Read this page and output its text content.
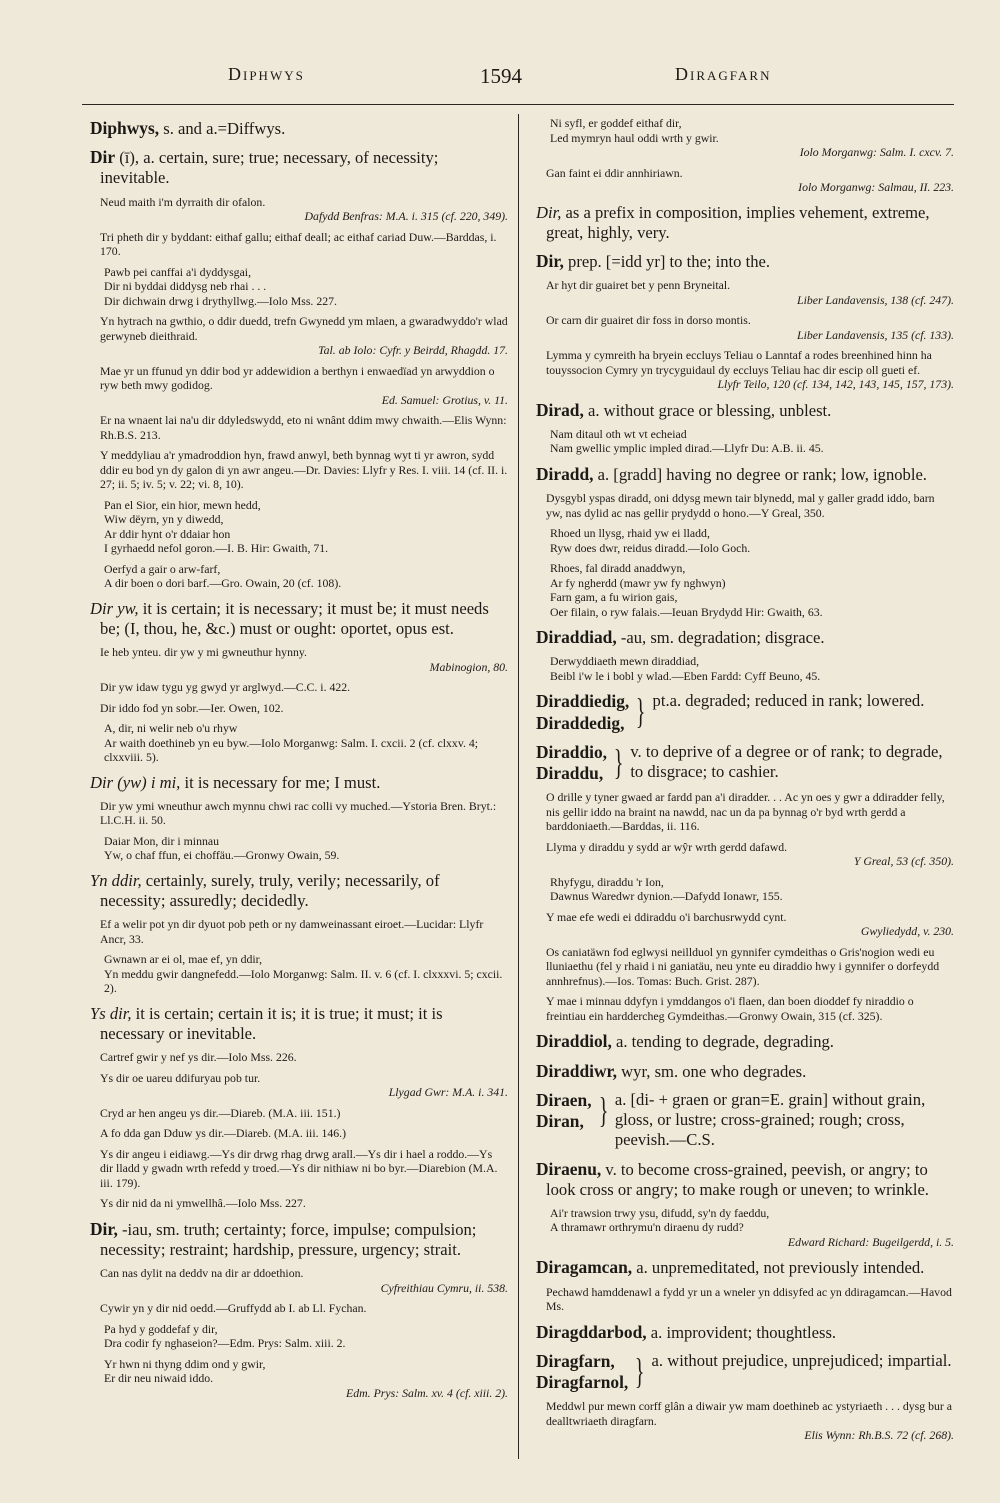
Diphwys	1594	Diragfarn

Diphwys, s. and a.=Diffwys.

Dir (ī), a. certain, sure; true; necessary, of necessity; inevitable.

Neud maith i'm dyrraith dir ofalon.
Dafydd Benfras: M.A. i. 315 (cf. 220, 349).
Tri pheth dir y byddant: eithaf gallu; eithaf deall; ac eithaf cariad Duw.—Barddas, i. 170.
Pawb pei canffai a'i dyddysgai,
Dir ni byddai diddysg neb rhai . . .
Dir dichwain drwg i drythyllwg.—Iolo Mss. 227.
Yn hytrach na gwthio, o ddir duedd, trefn Gwynedd ym mlaen, a gwaradwyddo'r wlad gerwyneb dieithraid.
Tal. ab Iolo: Cyfr. y Beirdd, Rhagdd. 17.
Mae yr un ffunud yn ddir bod yr addewidion a berthyn i enwaedïad yn arwyddion o ryw beth mwy godidog.
Ed. Samuel: Grotius, v. 11.
Er na wnaent lai na'u dir ddyledswydd, eto ni wnânt ddim mwy chwaith.—Elis Wynn: Rh.B.S. 213.
Y meddyliau a'r ymadroddion hyn, frawd anwyl, beth bynnag wyt ti yr awron, sydd ddir eu bod yn dy galon di yn awr angeu.—Dr. Davies: Llyfr y Res. I. viii. 14 (cf. II. i. 27; ii. 5; iv. 5; v. 22; vi. 8, 10).
Pan el Sior, ein hior, mewn hedd,
Wiw dëyrn, yn y diwedd,
Ar ddir hynt o'r ddaiar hon
I gyrhaedd nefol goron.—I. B. Hir: Gwaith, 71.
Oerfyd a gair o arw-farf,
A dir boen o dori barf.—Gro. Owain, 20 (cf. 108).

Dir yw, it is certain; it is necessary; it must be; it must needs be; (I, thou, he, &c.) must or ought: oportet, opus est.

Ie heb ynteu. dir yw y mi gwneuthur hynny.
Mabinogion, 80.
Dir yw idaw tygu yg gwyd yr arglwyd.—C.C. i. 422.
Dir iddo fod yn sobr.—Ier. Owen, 102.
A, dir, ni welir neb o'u rhyw
Ar waith doethineb yn eu byw.—Iolo Morganwg: Salm. I. cxcii. 2 (cf. clxxv. 4; clxxviii. 5).

Dir (yw) i mi, it is necessary for me; I must.

Dir yw ymi wneuthur awch mynnu chwi rac colli vy muched.—Ystoria Bren. Bryt.: Ll.C.H. ii. 50.
Daiar Mon, dir i minnau
Yw, o chaf ffun, ei choffäu.—Gronwy Owain, 59.

Yn ddir, certainly, surely, truly, verily; necessarily, of necessity; assuredly; decidedly.

Ef a welir pot yn dir dyuot pob peth or ny damweinassant eiroet.—Lucidar: Llyfr Ancr, 33.
Gwnawn ar ei ol, mae ef, yn ddir,
Yn meddu gwir dangnefedd.—Iolo Morganwg: Salm. II. v. 6 (cf. I. clxxxvi. 5; cxcii. 2).

Ys dir, it is certain; certain it is; it is true; it must; it is necessary or inevitable.

Cartref gwir y nef ys dir.—Iolo Mss. 226.
Ys dir oe uareu ddifuryau pob tur.
Llygad Gwr: M.A. i. 341.
Cryd ar hen angeu ys dir.—Diareb. (M.A. iii. 151.)
A fo dda gan Dduw ys dir.—Diareb. (M.A. iii. 146.)
Ys dir angeu i eidiawg.—Ys dir drwg rhag drwg arall.—Ys dir i hael a roddo.—Ys dir lladd y gwadn wrth refedd y troed.—Ys dir nithiaw ni bo byr.—Diarebion (M.A. iii. 179).
Ys dir nid da ni ymwellhâ.—Iolo Mss. 227.

Dir, -iau, sm. truth; certainty; force, impulse; compulsion; necessity; restraint; hardship, pressure, urgency; strait.

Can nas dylit na deddv na dir ar ddoethion.
Cyfreithiau Cymru, ii. 538.
Cywir yn y dir nid oedd.—Gruffydd ab I. ab Ll. Fychan.
Pa hyd y goddefaf y dir,
Dra codir fy nghaseion?—Edm. Prys: Salm. xiii. 2.
Yr hwn ni thyng ddim ond y gwir,
Er dir neu niwaid iddo.
Edm. Prys: Salm. xv. 4 (cf. xiii. 2).
Ni syfl, er goddef eithaf dir,
Led mymryn haul oddi wrth y gwir.
Iolo Morganwg: Salm. I. cxcv. 7.
Gan faint ei ddir annhiriawn.
Iolo Morganwg: Salmau, II. 223.

Dir, as a prefix in composition, implies vehement, extreme, great, highly, very.

Dir, prep. [=idd yr] to the; into the.

Ar hyt dir guairet bet y penn Bryneital.
Liber Landavensis, 138 (cf. 247).
Or carn dir guairet dir foss in dorso montis.
Liber Landavensis, 135 (cf. 133).
Lymma y cymreith ha bryein eccluys Teliau o Lanntaf a rodes breenhined hinn ha touyssocion Cymry yn trycyguidaul dy eccluys Teliau hac dir escip oll gueti ef.
Llyfr Teilo, 120 (cf. 134, 142, 143, 145, 157, 173).

Dirad, a. without grace or blessing, unblest.

Nam ditaul oth wt vt echeiad
Nam gwellic ymplic impled dirad.—Llyfr Du: A.B. ii. 45.

Diradd, a. [gradd] having no degree or rank; low, ignoble.

Dysgybl yspas diradd, oni ddysg mewn tair blynedd, mal y galler gradd iddo, barn yw, nas dylid ac nas gellir prydydd o hono.—Y Greal, 350.
Rhoed un llysg, rhaid yw ei lladd,
Ryw does dwr, reidus diradd.—Iolo Goch.
Rhoes, fal diradd anaddwyn,
Ar fy ngherdd (mawr yw fy nghwyn)
Farn gam, a fu wirion gais,
Oer filain, o ryw falais.—Ieuan Brydydd Hir: Gwaith, 63.

Diraddiad, -au, sm. degradation; disgrace.

Derwyddiaeth mewn diraddiad,
Beibl i'w le i bobl y wlad.—Eben Fardd: Cyff Beuno, 45.
Diraddiedig,
Diraddedig, } pt.a. degraded; reduced in rank; lowered.
Diraddio,
Diraddu, } v. to deprive of a degree or of rank; to degrade, to disgrace; to cashier.
O drille y tyner gwaed ar fardd pan a'i diradder. . . Ac yn oes y gwr a ddiradder felly, nis gellir iddo na braint na nawdd, nac un da pa bynnag o'r byd wrth gerdd a barddoniaeth.—Barddas, ii. 116.
Llyma y diraddu y sydd ar wŷr wrth gerdd dafawd.
Y Greal, 53 (cf. 350).
Rhyfygu, diraddu 'r Ion,
Dawnus Waredwr dynion.—Dafydd Ionawr, 155.
Y mae efe wedi ei ddiraddu o'i barchusrwydd cynt.
Gwyliedydd, v. 230.
Os caniatäwn fod eglwysi neillduol yn gynnifer cymdeithas o Gris'nogion wedi eu lluniaethu (fel y rhaid i ni ganiatäu, neu ynte eu diraddio hwy i gynnifer o dorfeydd annhrefnus).—Ios. Tomas: Buch. Grist. 287).
Y mae i minnau ddyfyn i ymddangos o'i flaen, dan boen dioddef fy niraddio o freintiau ein harddercheg Gymdeithas.—Gronwy Owain, 315 (cf. 325).

Diraddiol, a. tending to degrade, degrading.

Diraddiwr, wyr, sm. one who degrades.

Diraen,
Diran, } a. [di- + graen or gran=E. grain] without grain, gloss, or lustre; cross-grained; rough; cross, peevish.—C.S.

Diraenu, v. to become cross-grained, peevish, or angry; to look cross or angry; to make rough or uneven; to wrinkle.

Ai'r trawsion trwy ysu, difudd, sy'n dy faeddu,
A thramawr orthrymu'n diraenu dy rudd?
Edward Richard: Bugeilgerdd, i. 5.

Diragamcan, a. unpremeditated, not previously intended.

Pechawd hamddenawl a fydd yr un a wneler yn ddisyfed ac yn ddiragamcan.—Havod Ms.

Diragddarbod, a. improvident; thoughtless.

Diragfarn,
Diragfarnol, } a. without prejudice, unprejudiced; impartial.
Meddwl pur mewn corff glân a diwair yw mam doethineb ac ystyriaeth . . . dysg bur a dealltwriaeth diragfarn.
Elis Wynn: Rh.B.S. 72 (cf. 268).
